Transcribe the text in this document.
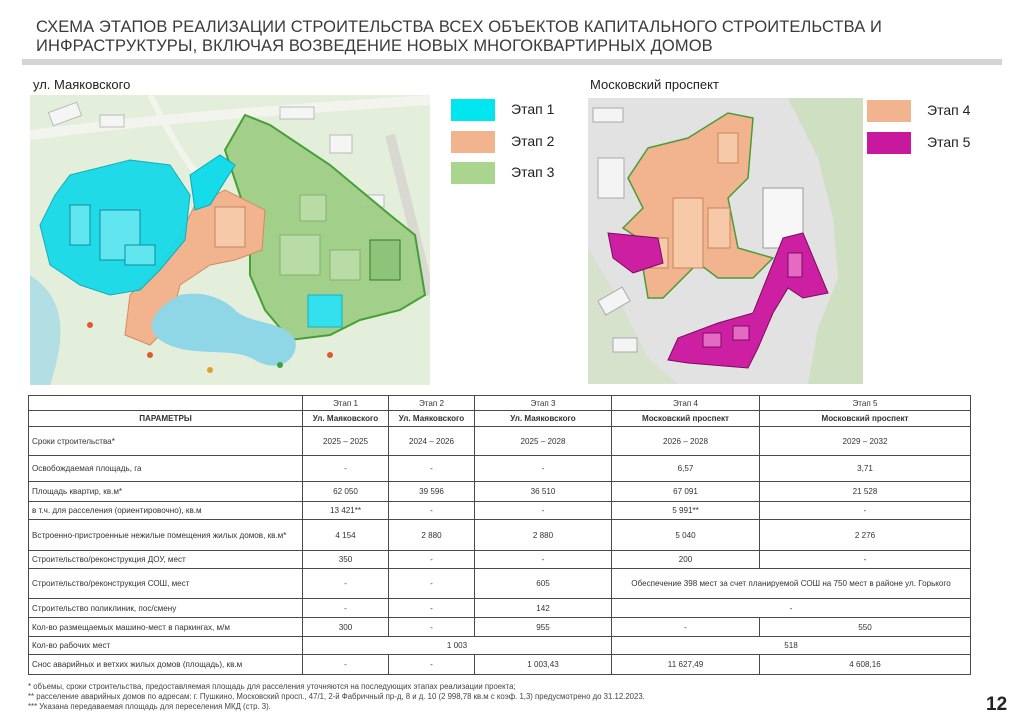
СХЕМА ЭТАПОВ РЕАЛИЗАЦИИ СТРОИТЕЛЬСТВА ВСЕХ ОБЪЕКТОВ КАПИТАЛЬНОГО СТРОИТЕЛЬСТВА И
ИНФРАСТРУКТУРЫ, ВКЛЮЧАЯ ВОЗВЕДЕНИЕ НОВЫХ МНОГОКВАРТИРНЫХ ДОМОВ
ул. Маяковского
Этап 1
Этап 2
Этап 3
Московский проспект
Этап 4
Этап 5
	Этап 1	Этап 2	Этап 3	Этап 4	Этап 5
ПАРАМЕТРЫ	Ул. Маяковского	Ул. Маяковского	Ул. Маяковского	Московский проспект	Московский проспект
Сроки строительства*	2025 – 2025	2024 – 2026	2025 – 2028	2026 – 2028	2029 – 2032
Освобождаемая площадь, га	-	-	-	6,57	3,71
Площадь квартир, кв.м*	62 050	39 596	36 510	67 091	21 528
в т.ч. для расселения (ориентировочно), кв.м	13 421**	-	-	5 991**	-
Встроенно-пристроенные нежилые помещения жилых домов, кв.м*	4 154	2 880	2 880	5 040	2 276
Строительство/реконструкция ДОУ, мест	350	-	-	200	-
Строительство/реконструкция СОШ, мест	-	-	605	Обеспечение 398 мест за счет планируемой СОШ на 750 мест в районе ул. Горького	
Строительство поликлиник, пос/смену	-	-	142	-	
Кол-во размещаемых машино-мест в паркингах, м/м	300	-	955	-	550
Кол-во рабочих мест	1 003			518	
Снос аварийных и ветхих жилых домов (площадь), кв.м	-	-	1 003,43	11 627,49	4 608,16
* объемы, сроки строительства, предоставляемая площадь для расселения уточняются на последующих этапах реализации проекта;
** расселение аварийных домов по адресам: г. Пушкино, Московский просп., 47/1, 2-й Фабричный пр-д, 8 и д. 10 (2 998,78 кв.м с коэф. 1,3) предусмотрено до 31.12.2023.
*** Указана передаваемая площадь для переселения МКД (стр. 3).	12
